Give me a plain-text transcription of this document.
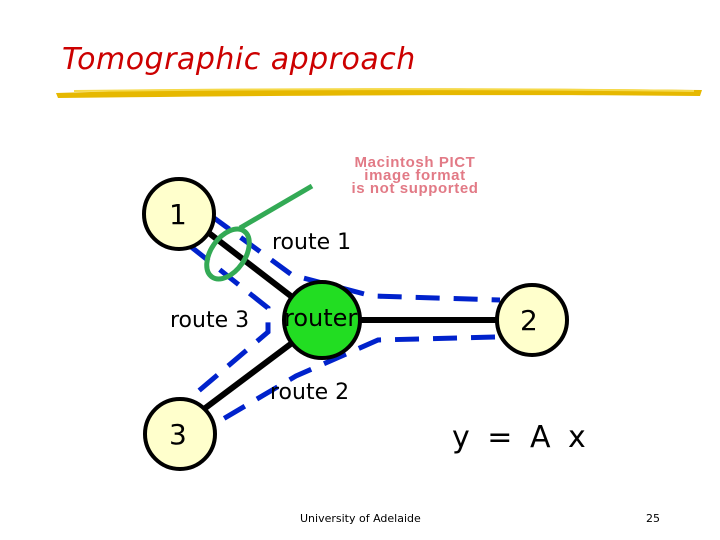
Tomographic approach
Macintosh PICT
image format
is not supported
1
2
3
router
route 1
route 2
route 3
y = A x
University of Adelaide	25
